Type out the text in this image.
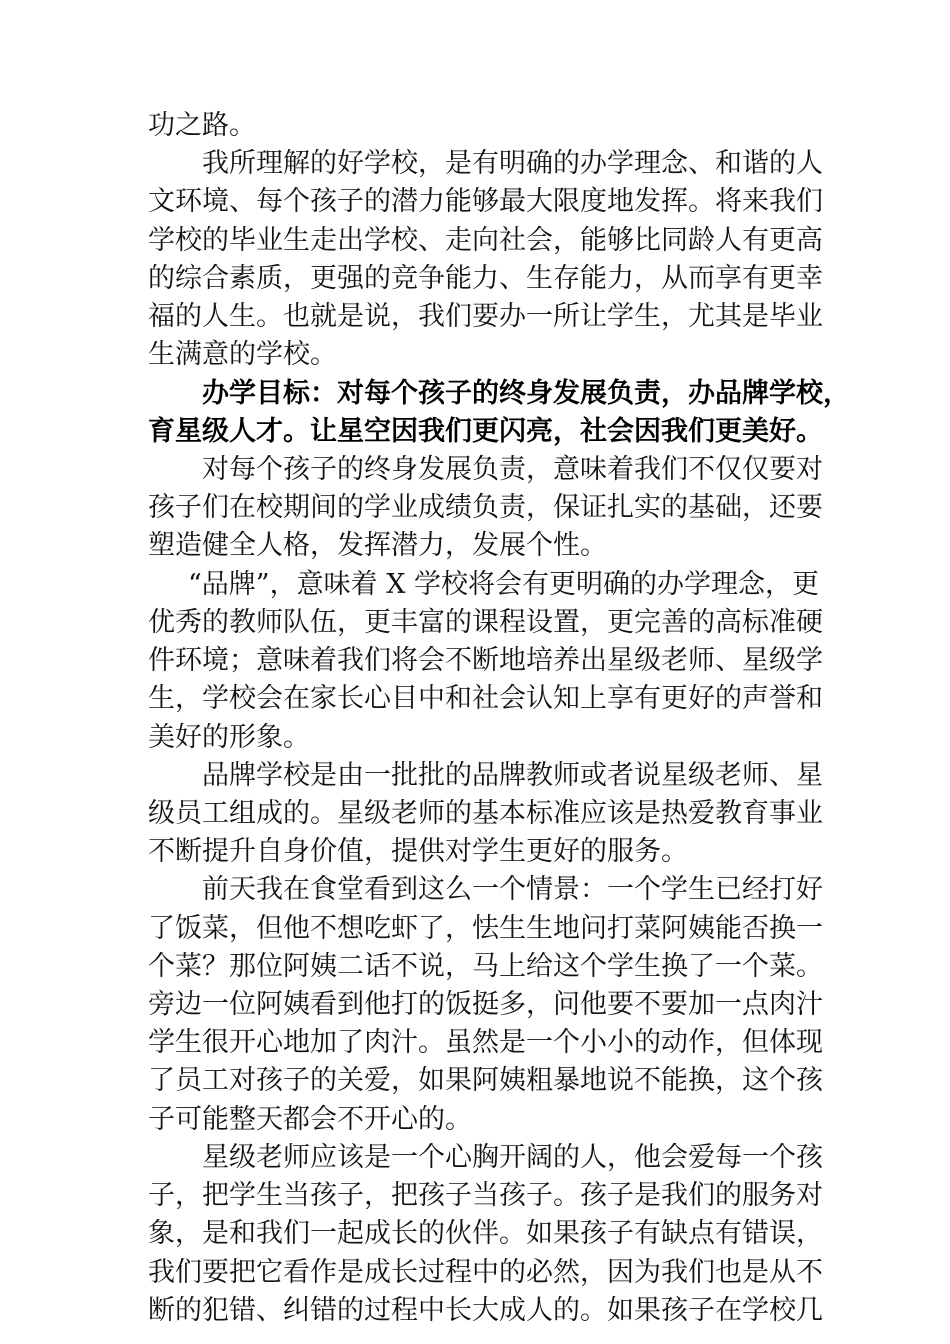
功之路。
我所理解的好学校，是有明确的办学理念、和谐的人
文环境、每个孩子的潜力能够最大限度地发挥。将来我们
学校的毕业生走出学校、走向社会，能够比同龄人有更高
的综合素质，更强的竞争能力、生存能力，从而享有更幸
福的人生。也就是说，我们要办一所让学生，尤其是毕业
生满意的学校。
办学目标：对每个孩子的终身发展负责，办品牌学校，
育星级人才。让星空因我们更闪亮，社会因我们更美好。
对每个孩子的终身发展负责，意味着我们不仅仅要对
孩子们在校期间的学业成绩负责，保证扎实的基础，还要
塑造健全人格，发挥潜力，发展个性。
“品牌”，意味着 X 学校将会有更明确的办学理念，更
优秀的教师队伍，更丰富的课程设置，更完善的高标准硬
件环境；意味着我们将会不断地培养出星级老师、星级学
生，学校会在家长心目中和社会认知上享有更好的声誉和
美好的形象。
品牌学校是由一批批的品牌教师或者说星级老师、星
级员工组成的。星级老师的基本标准应该是热爱教育事业
不断提升自身价值，提供对学生更好的服务。
前天我在食堂看到这么一个情景：一个学生已经打好
了饭菜，但他不想吃虾了，怯生生地问打菜阿姨能否换一
个菜？那位阿姨二话不说，马上给这个学生换了一个菜。
旁边一位阿姨看到他打的饭挺多，问他要不要加一点肉汁
学生很开心地加了肉汁。虽然是一个小小的动作，但体现
了员工对孩子的关爱，如果阿姨粗暴地说不能换，这个孩
子可能整天都会不开心的。
星级老师应该是一个心胸开阔的人，他会爱每一个孩
子，把学生当孩子，把孩子当孩子。孩子是我们的服务对
象，是和我们一起成长的伙伴。如果孩子有缺点有错误，
我们要把它看作是成长过程中的必然，因为我们也是从不
断的犯错、纠错的过程中长大成人的。如果孩子在学校几
